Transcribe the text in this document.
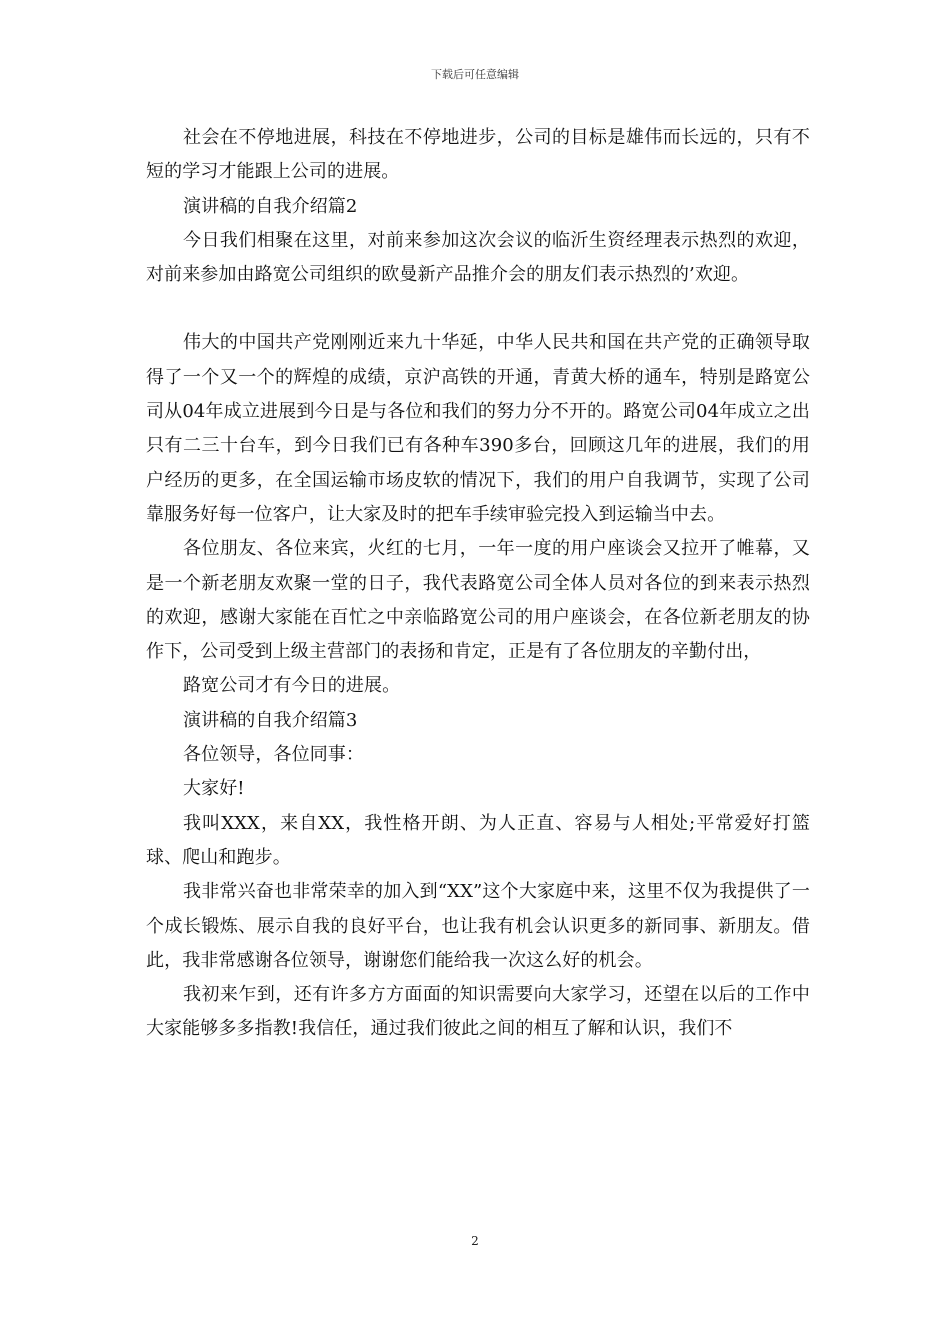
下载后可任意编辑

社会在不停地进展，科技在不停地进步，公司的目标是雄伟而长远的，只有不短的学习才能跟上公司的进展。

演讲稿的自我介绍篇2

今日我们相聚在这里，对前来参加这次会议的临沂生资经理表示热烈的欢迎，对前来参加由路宽公司组织的欧曼新产品推介会的朋友们表示热烈的’欢迎。

伟大的中国共产党刚刚近来九十华延，中华人民共和国在共产党的正确领导取得了一个又一个的辉煌的成绩，京沪高铁的开通，青黄大桥的通车，特别是路宽公司从04年成立进展到今日是与各位和我们的努力分不开的。路宽公司04年成立之出只有二三十台车，到今日我们已有各种车390多台，回顾这几年的进展，我们的用户经历的更多，在全国运输市场皮软的情况下，我们的用户自我调节，实现了公司靠服务好每一位客户，让大家及时的把车手续审验完投入到运输当中去。

各位朋友、各位来宾，火红的七月，一年一度的用户座谈会又拉开了帷幕，又是一个新老朋友欢聚一堂的日子，我代表路宽公司全体人员对各位的到来表示热烈的欢迎，感谢大家能在百忙之中亲临路宽公司的用户座谈会，在各位新老朋友的协作下，公司受到上级主营部门的表扬和肯定，正是有了各位朋友的辛勤付出，

路宽公司才有今日的进展。

演讲稿的自我介绍篇3

各位领导，各位同事：

大家好!

我叫XXX，来自XX，我性格开朗、为人正直、容易与人相处;平常爱好打篮球、爬山和跑步。

我非常兴奋也非常荣幸的加入到“XX”这个大家庭中来，这里不仅为我提供了一个成长锻炼、展示自我的良好平台，也让我有机会认识更多的新同事、新朋友。借此，我非常感谢各位领导，谢谢您们能给我一次这么好的机会。

我初来乍到，还有许多方方面面的知识需要向大家学习，还望在以后的工作中大家能够多多指教!我信任，通过我们彼此之间的相互了解和认识，我们不

2
